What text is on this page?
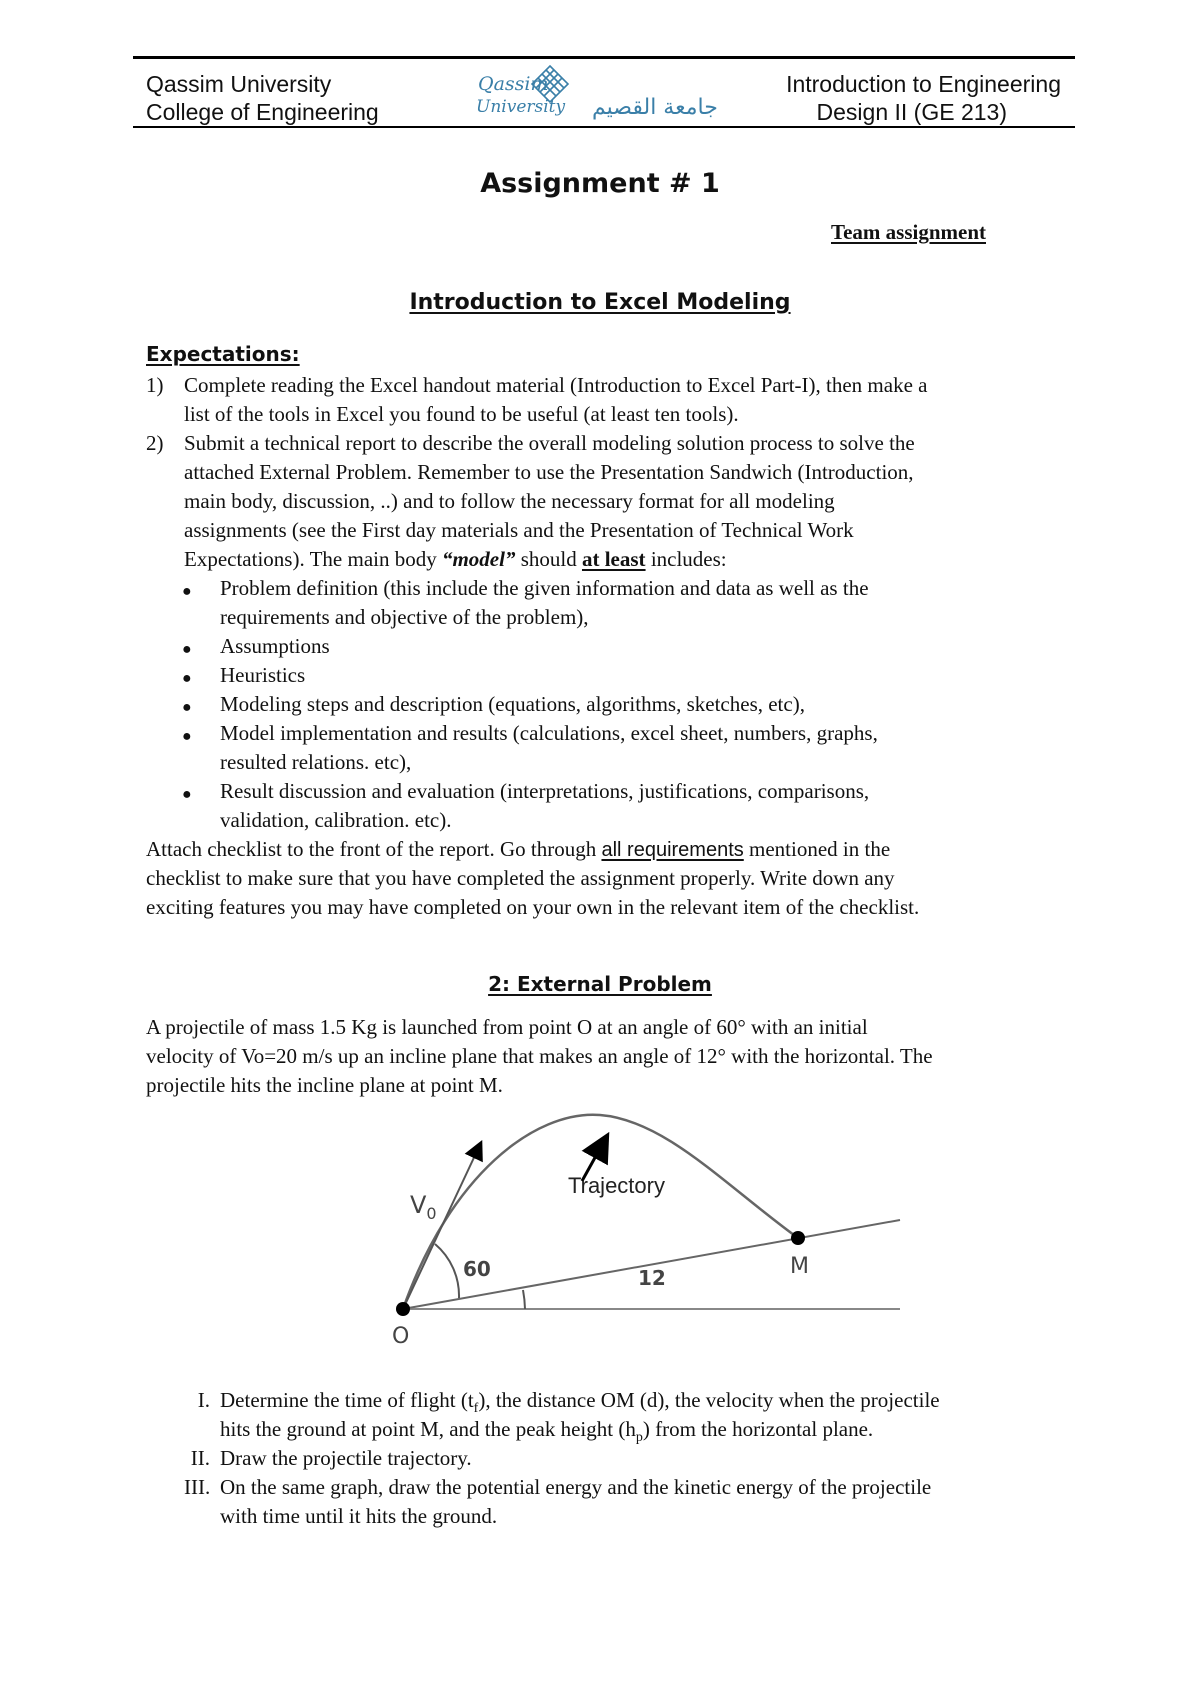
Qassim University
College of Engineering
Qassim
University جامعة القصيم
Introduction to Engineering
Design II (GE 213)
Assignment # 1
Team assignment
Introduction to Excel Modeling
Expectations:
1) Complete reading the Excel handout material (Introduction to Excel Part-I), then make a
list of the tools in Excel you found to be useful (at least ten tools).
2) Submit a technical report to describe the overall modeling solution process to solve the
attached External Problem. Remember to use the Presentation Sandwich (Introduction,
main body, discussion, ..) and to follow the necessary format for all modeling
assignments (see the First day materials and the Presentation of Technical Work
Expectations). The main body “model” should at least includes:
● Problem definition (this include the given information and data as well as the
requirements and objective of the problem),
● Assumptions
● Heuristics
● Modeling steps and description (equations, algorithms, sketches, etc),
● Model implementation and results (calculations, excel sheet, numbers, graphs,
resulted relations. etc),
● Result discussion and evaluation (interpretations, justifications, comparisons,
validation, calibration. etc).
Attach checklist to the front of the report. Go through all requirements mentioned in the
checklist to make sure that you have completed the assignment properly. Write down any
exciting features you may have completed on your own in the relevant item of the checklist.
2: External Problem
A projectile of mass 1.5 Kg is launched from point O at an angle of 60° with an initial
velocity of Vo=20 m/s up an incline plane that makes an angle of 12° with the horizontal. The
projectile hits the incline plane at point M.
Trajectory
$V_0$
60	12
O
M
I. Determine the time of flight $(t_f)$, the distance OM (d), the velocity when the projectile
hits the ground at point M, and the peak height $(h_p)$ from the horizontal plane.
II. Draw the projectile trajectory.
III. On the same graph, draw the potential energy and the kinetic energy of the projectile
with time until it hits the ground.
